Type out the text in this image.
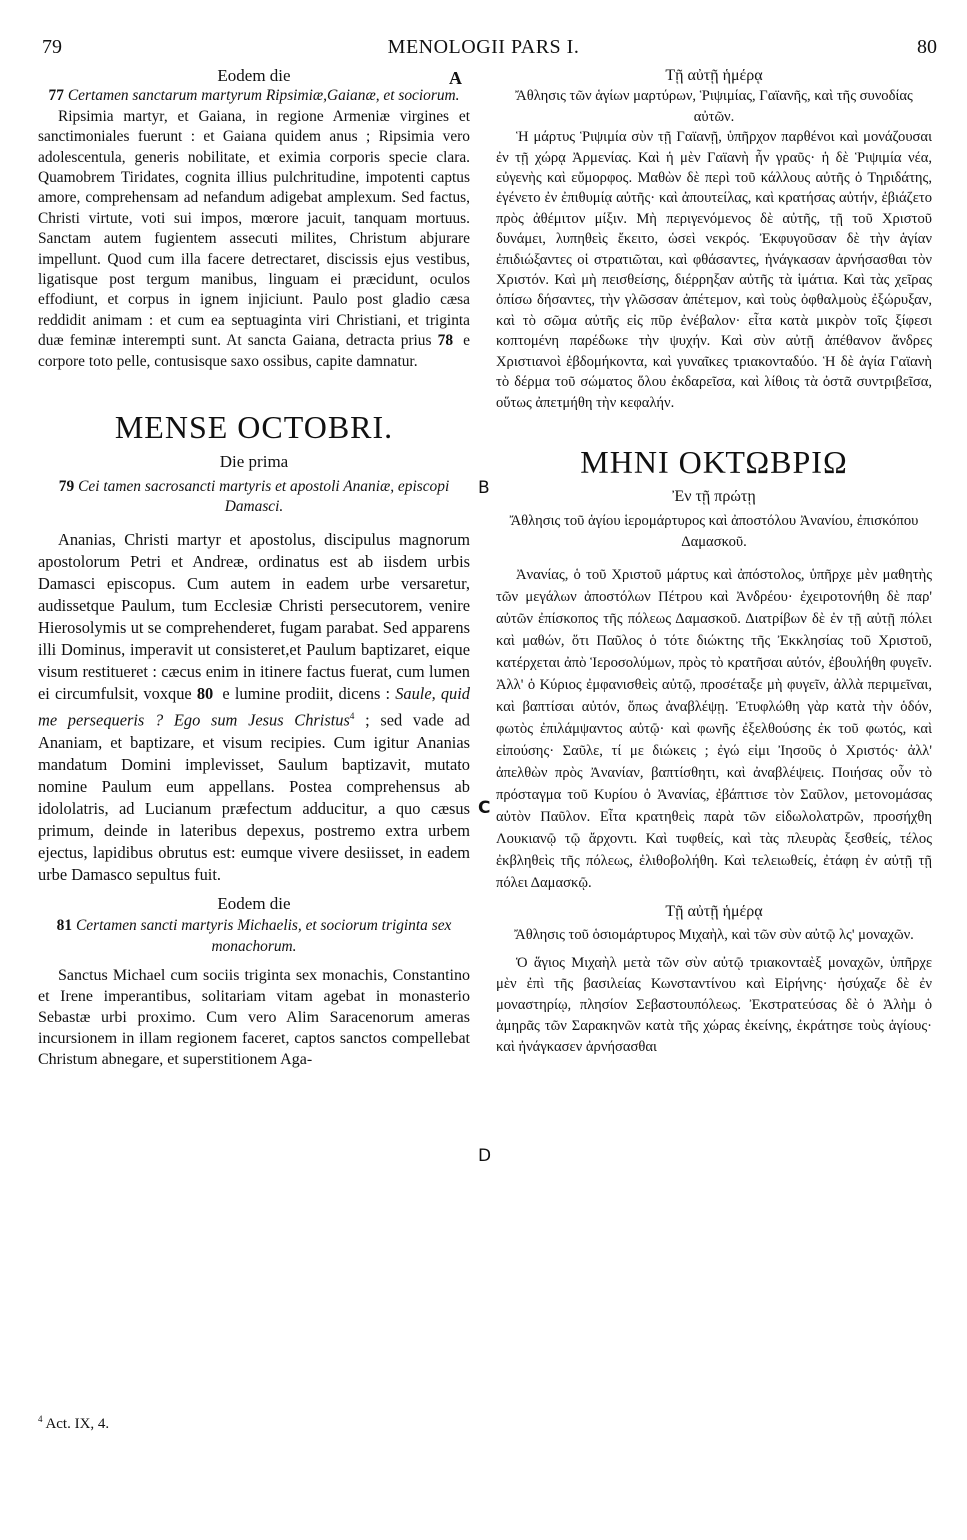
79	MENOLOGII PARS I.	80
A
B
C
D

Eodem die

77 Certamen sanctarum martyrum Ripsimiæ,Gaianæ, et sociorum.

Ripsimia martyr, et Gaiana, in regione Armeniæ virgines et sanctimoniales fuerunt : et Gaiana quidem anus ; Ripsimia vero adolescentula, generis nobilitate, et eximia corporis specie clara. Quamobrem Tiridates, cognita illius pulchritudine, impotenti captus amore, comprehensam ad nefandum adigebat amplexum. Sed factus, Christi virtute, voti sui impos, mœrore jacuit, tanquam mortuus. Sanctam autem fugientem assecuti milites, Christum abjurare impellunt. Quod cum illa facere detrectaret, discissis ejus vestibus, ligatisque post tergum manibus, linguam ei præcidunt, oculos effodiunt, et corpus in ignem injiciunt. Paulo post gladio cæsa reddidit animam : et cum ea septuaginta viri Christiani, et triginta duæ feminæ interempti sunt. At sancta Gaiana, detracta prius 78 e corpore toto pelle, contusisque saxo ossibus, capite damnatur.

MENSE OCTOBRI.

Die prima

79 Cei tamen sacrosancti martyris et apostoli Ananiæ, episcopi Damasci.

Ananias, Christi martyr et apostolus, discipulus magnorum apostolorum Petri et Andreæ, ordinatus est ab iisdem urbis Damasci episcopus. Cum autem in eadem urbe versaretur, audissetque Paulum, tum Ecclesiæ Christi persecutorem, venire Hierosolymis ut se comprehenderet, fugam parabat. Sed apparens illi Dominus, imperavit ut consisteret,et Paulum baptizaret, eique visum restitueret : cæcus enim in itinere factus fuerat, cum lumen ei circumfulsit, voxque 80 e lumine prodiit, dicens : Saule, quid me persequeris ? Ego sum Jesus Christus$^4$ ; sed vade ad Ananiam, et baptizare, et visum recipies. Cum igitur Ananias mandatum Domini implevisset, Saulum baptizavit, mutato nomine Paulum eum appellans. Postea comprehensus ab idololatris, ad Lucianum præfectum adducitur, a quo cæsus primum, deinde in lateribus depexus, postremo extra urbem ejectus, lapidibus obrutus est: eumque vivere desiisset, in eadem urbe Damasco sepultus fuit.

Eodem die

81 Certamen sancti martyris Michaelis, et sociorum triginta sex monachorum.

Sanctus Michael cum sociis triginta sex monachis, Constantino et Irene imperantibus, solitariam vitam agebat in monasterio Sebastæ urbi proximo. Cum vero Alim Saracenorum ameras incursionem in illam regionem faceret, captos sanctos compellebat Christum abnegare, et superstitionem Aga-

Τῇ αὐτῇ ἡμέρᾳ

Ἄθλησις τῶν ἁγίων μαρτύρων, Ῥιψιμίας, Γαϊανῆς, καὶ τῆς συνοδίας αὐτῶν.

Ἡ μάρτυς Ῥιψιμία σὺν τῇ Γαϊανῇ, ὑπῆρχον παρθένοι καὶ μονάζουσαι ἐν τῇ χώρᾳ Ἀρμενίας. Καὶ ἡ μὲν Γαϊανὴ ἦν γραῦς· ἡ δὲ Ῥιψιμία νέα, εὐγενὴς καὶ εὔμορφος. Μαθὼν δὲ περὶ τοῦ κάλλους αὐτῆς ὁ Τηριδάτης, ἐγένετο ἐν ἐπιθυμίᾳ αὐτῆς· καὶ ἀπουτείλας, καὶ κρατήσας αὐτήν, ἐβιάζετο πρὸς ἀθέμιτον μίξιν. Μὴ περιγενόμενος δὲ αὐτῆς, τῇ τοῦ Χριστοῦ δυνάμει, λυπηθεὶς ἔκειτο, ὡσεὶ νεκρός. Ἐκφυγοῦσαν δὲ τὴν ἁγίαν ἐπιδιώξαντες οἱ στρατιῶται, καὶ φθάσαντες, ἠνάγκασαν ἀρνήσασθαι τὸν Χριστόν. Καὶ μὴ πεισθείσης, διέρρηξαν αὐτῆς τὰ ἱμάτια. Καὶ τὰς χεῖρας ὀπίσω δήσαντες, τὴν γλῶσσαν ἀπέτεμον, καὶ τοὺς ὀφθαλμοὺς ἐξώρυξαν, καὶ τὸ σῶμα αὐτῆς εἰς πῦρ ἐνέβαλον· εἶτα κατὰ μικρὸν τοῖς ξίφεσι κοπτομένη παρέδωκε τὴν ψυχήν. Καὶ σὺν αὐτῇ ἀπέθανον ἄνδρες Χριστιανοὶ ἑβδομήκοντα, καὶ γυναῖκες τριακονταδύο. Ἡ δὲ ἁγία Γαϊανὴ τὸ δέρμα τοῦ σώματος ὅλου ἐκδαρεῖσα, καὶ λίθοις τὰ ὀστᾶ συντριβεῖσα, οὕτως ἀπετμήθη τὴν κεφαλήν.

ΜΗΝΙ ΟΚΤΩΒΡΙΩ

Ἐν τῇ πρώτῃ

Ἄθλησις τοῦ ἁγίου ἱερομάρτυρος καὶ ἀποστόλου Ἀνανίου, ἐπισκόπου Δαμασκοῦ.

Ἀνανίας, ὁ τοῦ Χριστοῦ μάρτυς καὶ ἀπόστολος, ὑπῆρχε μὲν μαθητὴς τῶν μεγάλων ἀποστόλων Πέτρου καὶ Ἀνδρέου· ἐχειροτονήθη δὲ παρ' αὐτῶν ἐπίσκοπος τῆς πόλεως Δαμασκοῦ. Διατρίβων δὲ ἐν τῇ αὐτῇ πόλει καὶ μαθών, ὅτι Παῦλος ὁ τότε διώκτης τῆς Ἐκκλησίας τοῦ Χριστοῦ, κατέρχεται ἀπὸ Ἱεροσολύμων, πρὸς τὸ κρατῆσαι αὐτόν, ἐβουλήθη φυγεῖν. Ἀλλ' ὁ Κύριος ἐμφανισθεὶς αὐτῷ, προσέταξε μὴ φυγεῖν, ἀλλὰ περιμεῖναι, καὶ βαπτίσαι αὐτόν, ὅπως ἀναβλέψῃ. Ἐτυφλώθη γὰρ κατὰ τὴν ὁδόν, φωτὸς ἐπιλάμψαντος αὐτῷ· καὶ φωνῆς ἐξελθούσης ἐκ τοῦ φωτός, καὶ εἰπούσης· Σαῦλε, τί με διώκεις ; ἐγώ εἰμι Ἰησοῦς ὁ Χριστός· ἀλλ' ἀπελθὼν πρὸς Ἀνανίαν, βαπτίσθητι, καὶ ἀναβλέψεις. Ποιήσας οὖν τὸ πρόσταγμα τοῦ Κυρίου ὁ Ἀνανίας, ἐβάπτισε τὸν Σαῦλον, μετονομάσας αὐτὸν Παῦλον. Εἶτα κρατηθεὶς παρὰ τῶν εἰδωλολατρῶν, προσήχθη Λουκιανῷ τῷ ἄρχοντι. Καὶ τυφθείς, καὶ τὰς πλευρὰς ξεσθείς, τέλος ἐκβληθεὶς τῆς πόλεως, ἐλιθοβολήθη. Καὶ τελειωθείς, ἐτάφη ἐν αὐτῇ τῇ πόλει Δαμασκῷ.

Τῇ αὐτῇ ἡμέρᾳ

Ἄθλησις τοῦ ὁσιομάρτυρος Μιχαὴλ, καὶ τῶν σὺν αὐτῷ λς' μοναχῶν.

Ὁ ἅγιος Μιχαὴλ μετὰ τῶν σὺν αὐτῷ τριακονταὲξ μοναχῶν, ὑπῆρχε μὲν ἐπὶ τῆς βασιλείας Κωνσταντίνου καὶ Εἰρήνης· ἡσύχαζε δὲ ἐν μοναστηρίῳ, πλησίον Σεβαστουπόλεως. Ἐκστρατεύσας δὲ ὁ Ἀλὴμ ὁ ἀμηρᾶς τῶν Σαρακηνῶν κατὰ τῆς χώρας ἐκείνης, ἐκράτησε τοὺς ἁγίους· καὶ ἠνάγκασεν ἀρνήσασθαι

$^4$ Act. IX, 4.
